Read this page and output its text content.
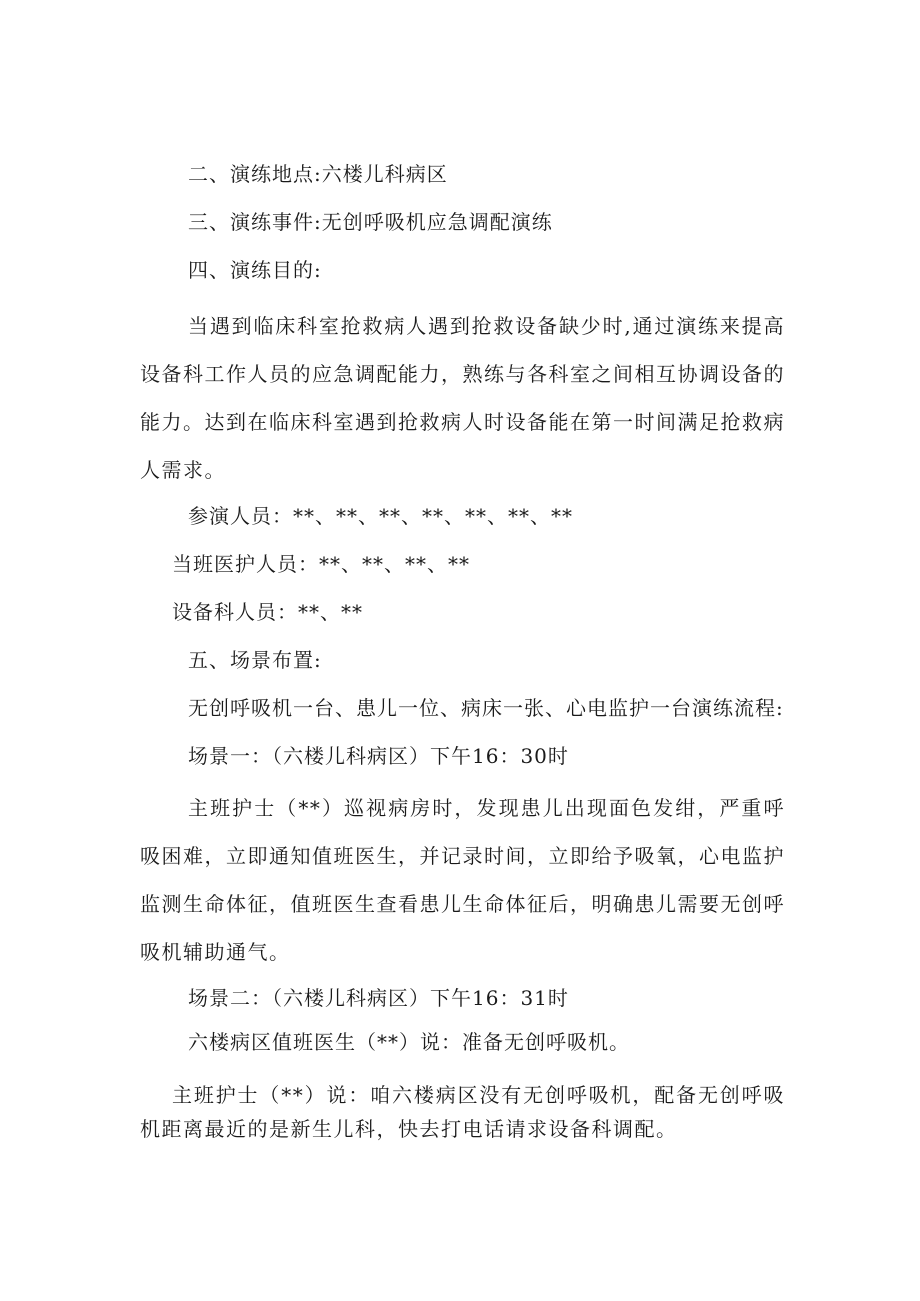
二、演练地点:六楼儿科病区
三、演练事件:无创呼吸机应急调配演练
四、演练目的:
当遇到临床科室抢救病人遇到抢救设备缺少时,通过演练来提高设备科工作人员的应急调配能力，熟练与各科室之间相互协调设备的能力。达到在临床科室遇到抢救病人时设备能在第一时间满足抢救病人需求。
参演人员：**、**、**、**、**、**、**
当班医护人员：**、**、**、**
设备科人员：**、**
五、场景布置:
无创呼吸机一台、患儿一位、病床一张、心电监护一台演练流程:
场景一：（六楼儿科病区）下午16：30时
主班护士（**）巡视病房时，发现患儿出现面色发绀，严重呼吸困难，立即通知值班医生，并记录时间，立即给予吸氧，心电监护监测生命体征，值班医生查看患儿生命体征后，明确患儿需要无创呼吸机辅助通气。
场景二：（六楼儿科病区）下午16：31时
六楼病区值班医生（**）说：准备无创呼吸机。
主班护士（**）说：咱六楼病区没有无创呼吸机，配备无创呼吸机距离最近的是新生儿科，快去打电话请求设备科调配。
